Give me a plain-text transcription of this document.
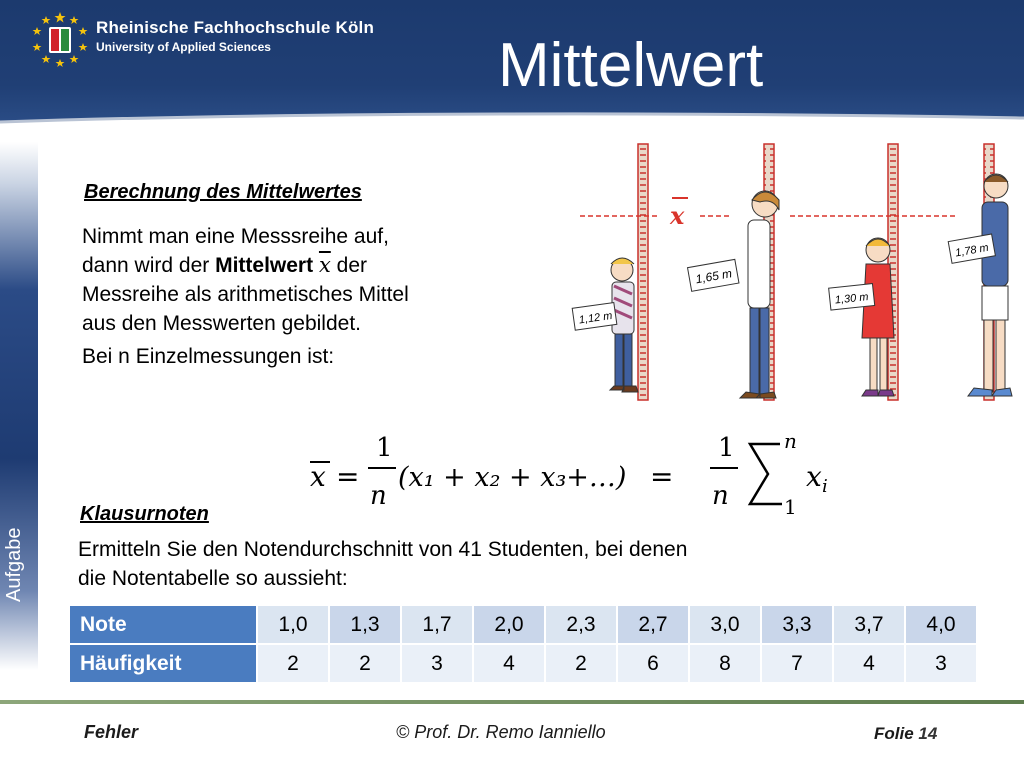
Rheinische Fachhochschule Köln
University of Applied Sciences	Mittelwert
Aufgabe
Berechnung des Mittelwertes
Nimmt man eine Messsreihe auf,
dann wird der Mittelwert $\overline{x}$ der
Messreihe als arithmetisches Mittel
aus den Messwerten gebildet.
Bei n Einzelmessungen ist:
x =
1
n
(x₁ + x₂ + x₃+…) =
1
n
n
1
x i
x
1,12 m
1,65 m
1,30 m
1,78 m
Klausurnoten
Ermitteln Sie den Notendurchschnitt von 41 Studenten, bei denen
die Notentabelle so aussieht:
Note	1,0	1,3	1,7	2,0	2,3	2,7	3,0	3,3	3,7	4,0
Häufigkeit	2	2	3	4	2	6	8	7	4	3
Fehler	© Prof. Dr. Remo Ianniello	Folie 14
